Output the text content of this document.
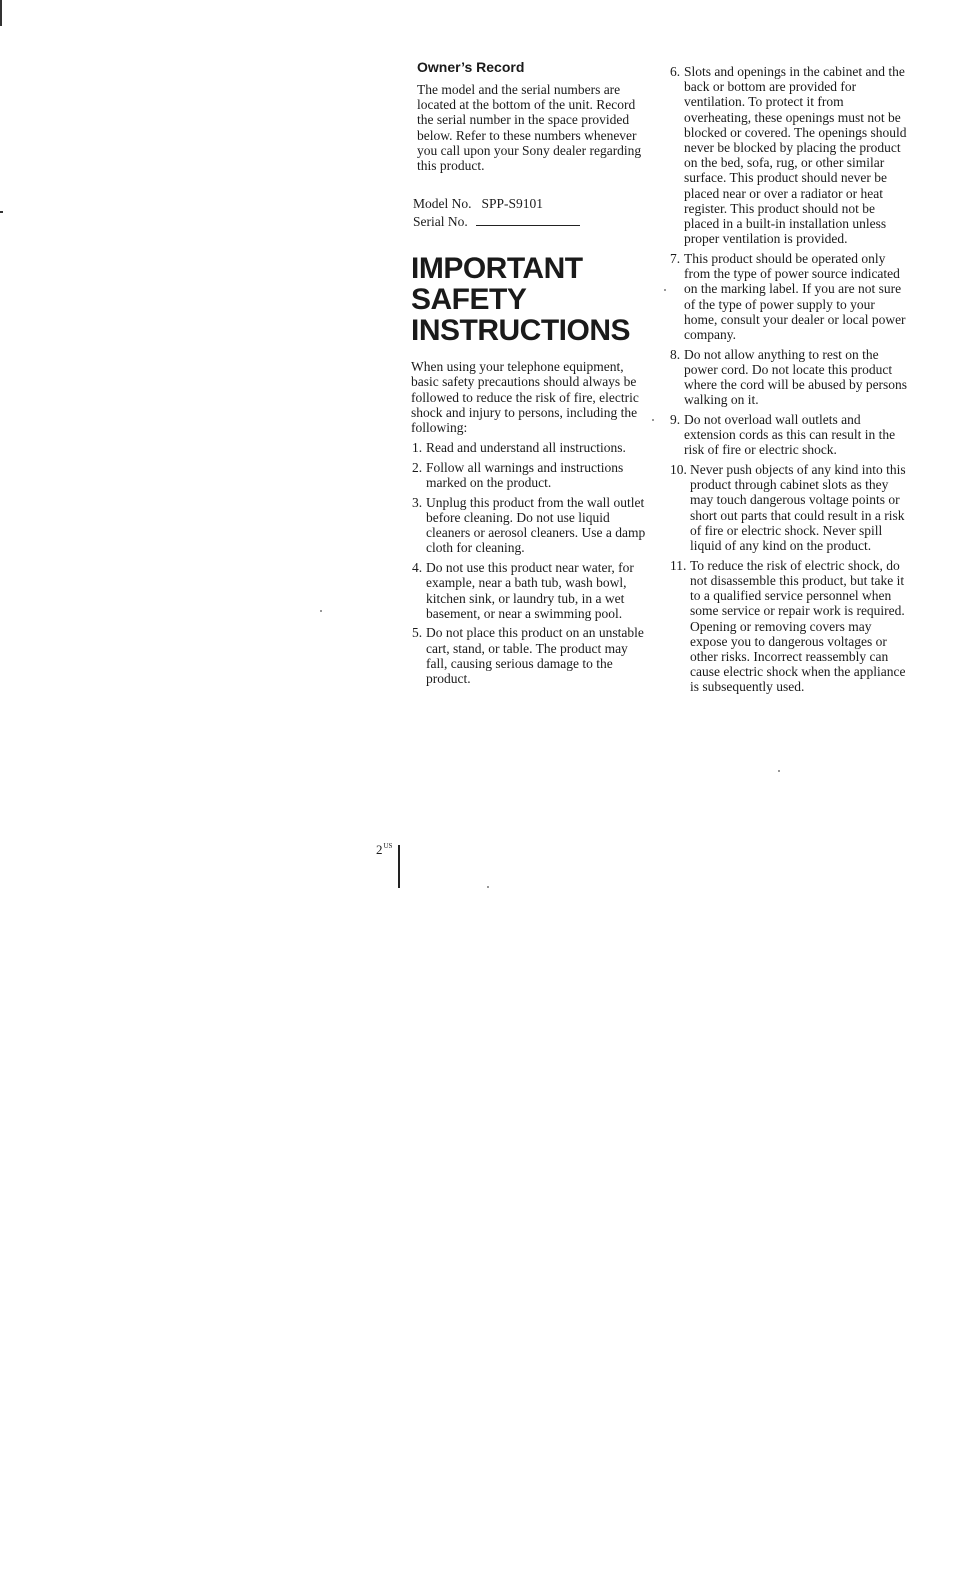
Owner’s Record

The model and the serial numbers are located at the bottom of the unit. Record the serial number in the space provided below. Refer to these numbers whenever you call upon your Sony dealer regarding this product.

Model No. SPP-S9101
Serial No.
IMPORTANT
SAFETY
INSTRUCTIONS

When using your telephone equipment, basic safety precautions should always be followed to reduce the risk of fire, electric shock and injury to persons, including the following:

1. Read and understand all instructions.
2. Follow all warnings and instructions marked on the product.
3. Unplug this product from the wall outlet before cleaning. Do not use liquid cleaners or aerosol cleaners. Use a damp cloth for cleaning.
4. Do not use this product near water, for example, near a bath tub, wash bowl, kitchen sink, or laundry tub, in a wet basement, or near a swimming pool.
5. Do not place this product on an unstable cart, stand, or table. The product may fall, causing serious damage to the product.
6. Slots and openings in the cabinet and the back or bottom are provided for ventilation. To protect it from overheating, these openings must not be blocked or covered. The openings should never be blocked by placing the product on the bed, sofa, rug, or other similar surface. This product should never be placed near or over a radiator or heat register. This product should not be placed in a built-in installation unless proper ventilation is provided.
7. This product should be operated only from the type of power source indicated on the marking label. If you are not sure of the type of power supply to your home, consult your dealer or local power company.
8. Do not allow anything to rest on the power cord. Do not locate this product where the cord will be abused by persons walking on it.
9. Do not overload wall outlets and extension cords as this can result in the risk of fire or electric shock.
10. Never push objects of any kind into this product through cabinet slots as they may touch dangerous voltage points or short out parts that could result in a risk of fire or electric shock. Never spill liquid of any kind on the product.
11. To reduce the risk of electric shock, do not disassemble this product, but take it to a qualified service personnel when some service or repair work is required. Opening or removing covers may expose you to dangerous voltages or other risks. Incorrect reassembly can cause electric shock when the appliance is subsequently used.
$2^{US}$
